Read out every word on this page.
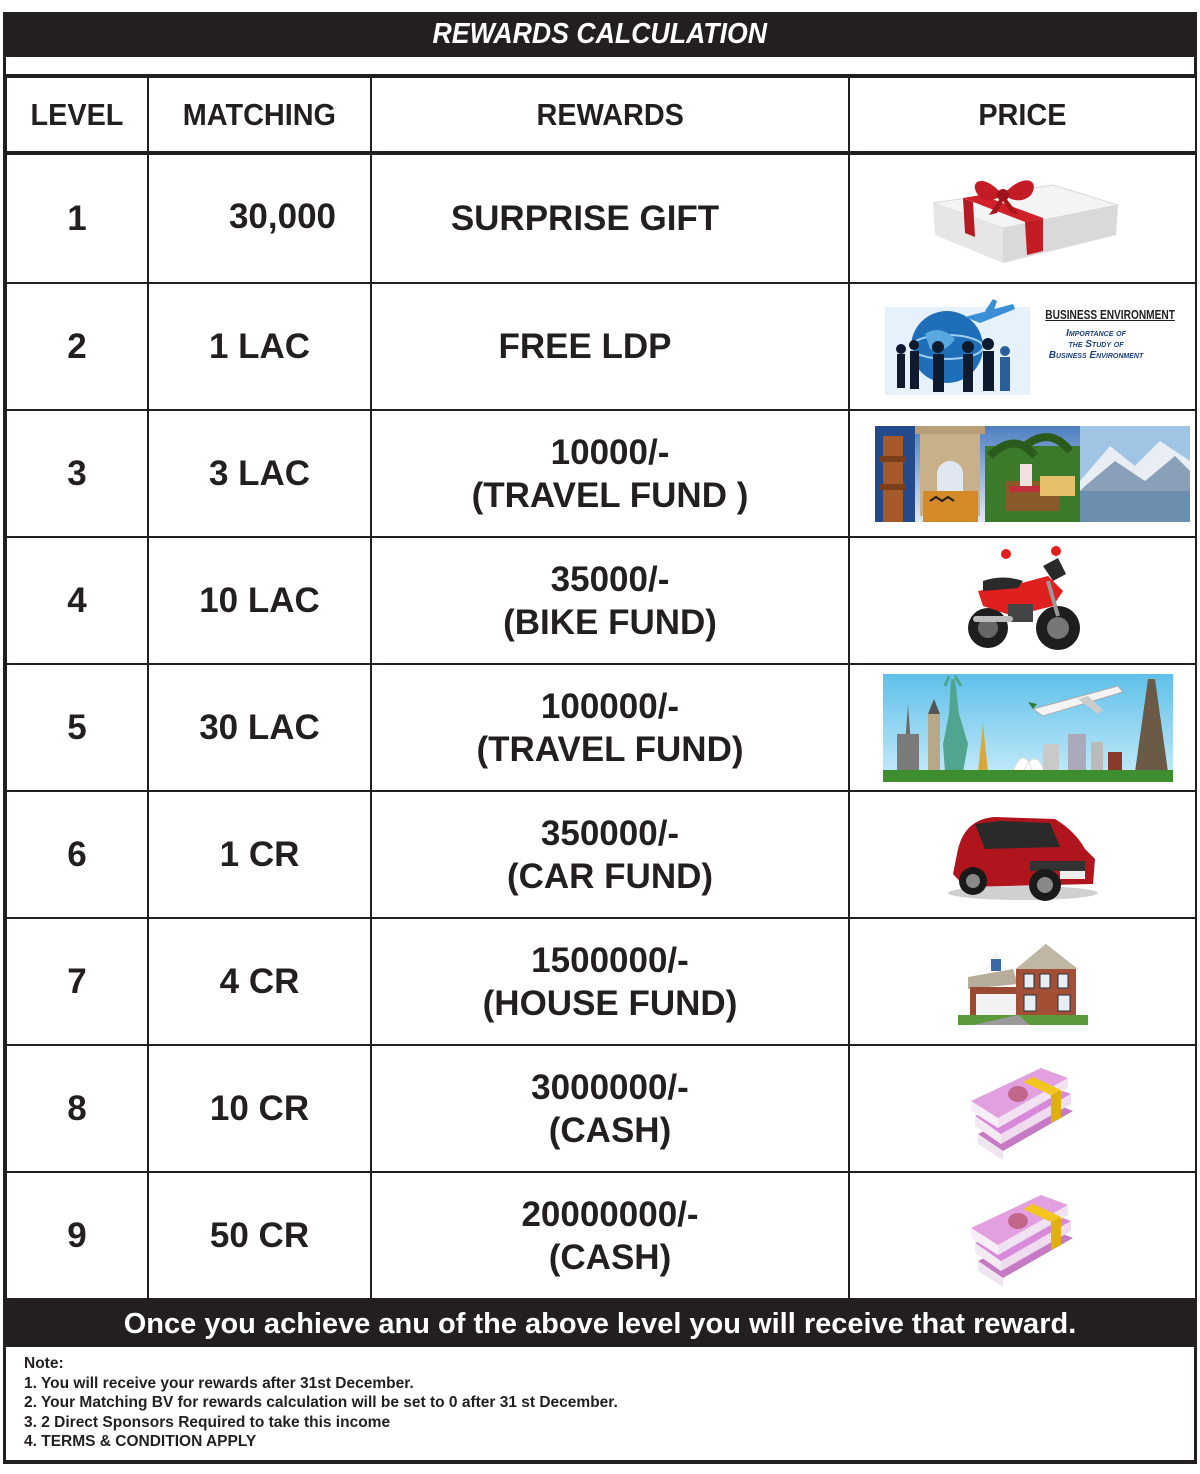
REWARDS CALCULATION
LEVEL	MATCHING	REWARDS	PRICE
1	30,000	SURPRISE GIFT

2	1 LAC	FREE LDP	BUSINESS ENVIRONMENT
Importance of
the Study of
Business Environment

3	3 LAC	10000/-
(TRAVEL FUND )

4	10 LAC	35000/-
(BIKE FUND)

5	30 LAC	100000/-
(TRAVEL FUND)

6	1 CR	350000/-
(CAR FUND)

7	4 CR	1500000/-
(HOUSE FUND)

8	10 CR	3000000/-
(CASH)

9	50 CR	20000000/-
(CASH)

Once you achieve anu of the above level you will receive that reward.
Note:
1. You will receive your rewards after 31st December.
2. Your Matching BV for rewards calculation will be set to 0 after 31 st December.
3. 2 Direct Sponsors Required to take this income
4. TERMS & CONDITION APPLY
